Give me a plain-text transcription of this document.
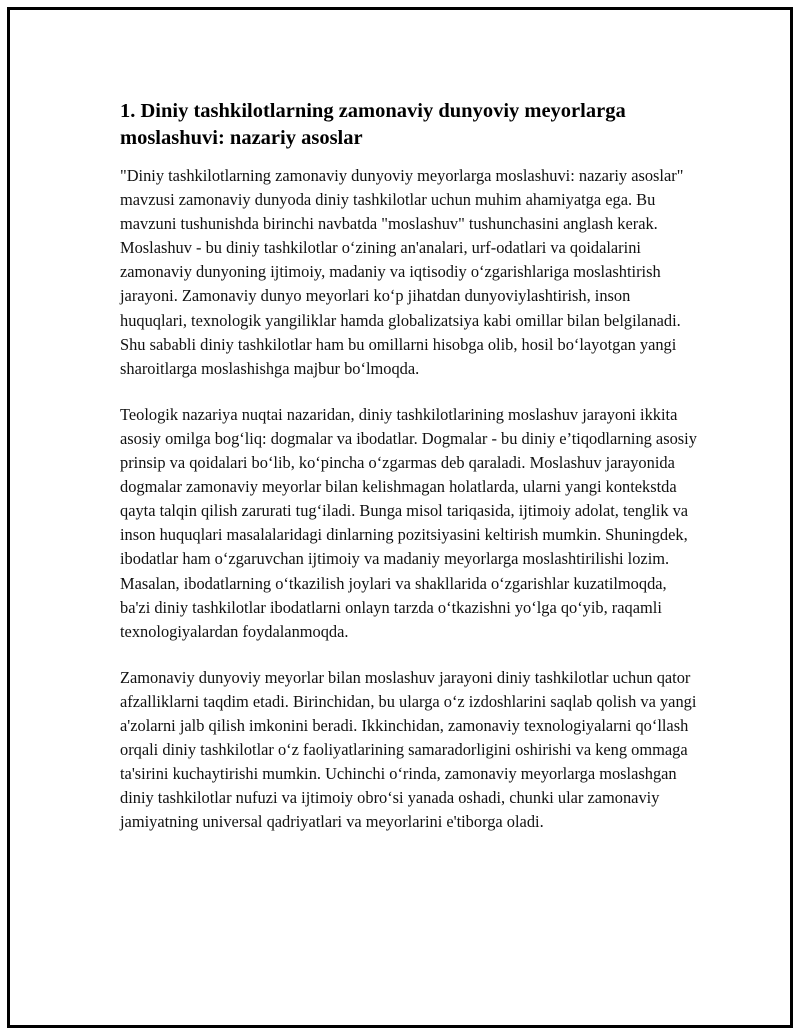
1. Diniy tashkilotlarning zamonaviy dunyoviy meyorlarga moslashuvi: nazariy asoslar

"Diniy tashkilotlarning zamonaviy dunyoviy meyorlarga moslashuvi: nazariy asoslar" mavzusi zamonaviy dunyoda diniy tashkilotlar uchun muhim ahamiyatga ega. Bu mavzuni tushunishda birinchi navbatda "moslashuv" tushunchasini anglash kerak. Moslashuv - bu diniy tashkilotlar o‘zining an'analari, urf-odatlari va qoidalarini zamonaviy dunyoning ijtimoiy, madaniy va iqtisodiy o‘zgarishlariga moslashtirish jarayoni. Zamonaviy dunyo meyorlari ko‘p jihatdan dunyoviylashtirish, inson huquqlari, texnologik yangiliklar hamda globalizatsiya kabi omillar bilan belgilanadi. Shu sababli diniy tashkilotlar ham bu omillarni hisobga olib, hosil bo‘layotgan yangi sharoitlarga moslashishga majbur bo‘lmoqda.

Teologik nazariya nuqtai nazaridan, diniy tashkilotlarining moslashuv jarayoni ikkita asosiy omilga bog‘liq: dogmalar va ibodatlar. Dogmalar - bu diniy e’tiqodlarning asosiy prinsip va qoidalari bo‘lib, ko‘pincha o‘zgarmas deb qaraladi. Moslashuv jarayonida dogmalar zamonaviy meyorlar bilan kelishmagan holatlarda, ularni yangi kontekstda qayta talqin qilish zarurati tug‘iladi. Bunga misol tariqasida, ijtimoiy adolat, tenglik va inson huquqlari masalalaridagi dinlarning pozitsiyasini keltirish mumkin. Shuningdek, ibodatlar ham o‘zgaruvchan ijtimoiy va madaniy meyorlarga moslashtirilishi lozim. Masalan, ibodatlarning o‘tkazilish joylari va shakllarida o‘zgarishlar kuzatilmoqda, ba'zi diniy tashkilotlar ibodatlarni onlayn tarzda o‘tkazishni yo‘lga qo‘yib, raqamli texnologiyalardan foydalanmoqda.

Zamonaviy dunyoviy meyorlar bilan moslashuv jarayoni diniy tashkilotlar uchun qator afzalliklarni taqdim etadi. Birinchidan, bu ularga o‘z izdoshlarini saqlab qolish va yangi a'zolarni jalb qilish imkonini beradi. Ikkinchidan, zamonaviy texnologiyalarni qo‘llash orqali diniy tashkilotlar o‘z faoliyatlarining samaradorligini oshirishi va keng ommaga ta'sirini kuchaytirishi mumkin. Uchinchi o‘rinda, zamonaviy meyorlarga moslashgan diniy tashkilotlar nufuzi va ijtimoiy obro‘si yanada oshadi, chunki ular zamonaviy jamiyatning universal qadriyatlari va meyorlarini e'tiborga oladi.
